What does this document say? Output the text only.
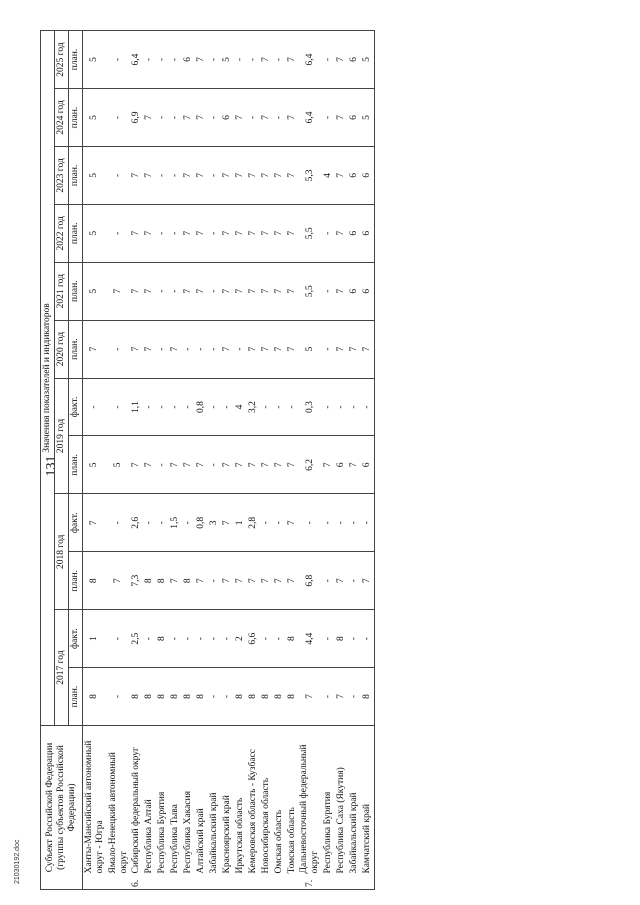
131
21030192.doc	Субъект Российской Федерации (группы субъектов Российской Федерации)		Значения показателей и индикаторов											
		2017 год		2018 год		2019 год		2020 год	2021 год	2022 год	2023 год	2024 год	2025 год
		план.	факт.	план.	факт.	план.	факт.	план.	план.	план.	план.	план.	план.
	Ханты-Мансийский автономный округ - Югра	8	1	8	7	5	-	7	5	5	5	5	5
	Ямало-Ненецкий автономный округ	-	-	7	-	5	-	-	7	-	-	-	-
6.	Сибирский федеральный округ	8	2,5	7,3	2,6	7	1,1	7	7	7	7	6,9	6,4
	Республика Алтай	8	-	8	-	7	-	7	7	7	7	7	-
	Республика Бурятия	8	8	8	-	-	-	-	-	-	-	-	-
	Республика Тыва	8	-	7	1,5	7	-	7	-	-	-	-	-
	Республика Хакасия	8	-	8	-	7	-	-	7	7	7	7	6
	Алтайский край	8	-	7	0,8	7	0,8	-	7	7	7	7	7
	Забайкальский край	-	-	-	3	-	-	-	-	-	-	-	-
	Красноярский край	-	-	7	7	7	-	7	7	7	7	6	5
	Иркутская область	8	2	7	1	7	4	-	7	7	7	7	-
	Кемеровская область - Кузбасс	8	6,6	7	2,8	7	3,2	7	7	7	7	-	-
	Новосибирская область	8	-	7	-	7	-	7	7	7	7	7	7
	Омская область	8	-	7	-	7	-	7	7	7	7	-	-
	Томская область	8	8	7	7	7	-	7	7	7	7	7	7
7.	Дальневосточный федеральный округ	7	4,4	6,8	-	6,2	0,3	5	5,5	5,5	5,3	6,4	6,4
	Республика Бурятия	-	-	-	-	7	-	-	-	-	4	-	-
	Республика Саха (Якутия)	7	8	7	-	6	-	7	7	7	7	7	7
	Забайкальский край	-	-	-	-	7	-	7	6	6	6	6	6
	Камчатский край	8	-	7	-	6	-	7	6	6	6	5	5
